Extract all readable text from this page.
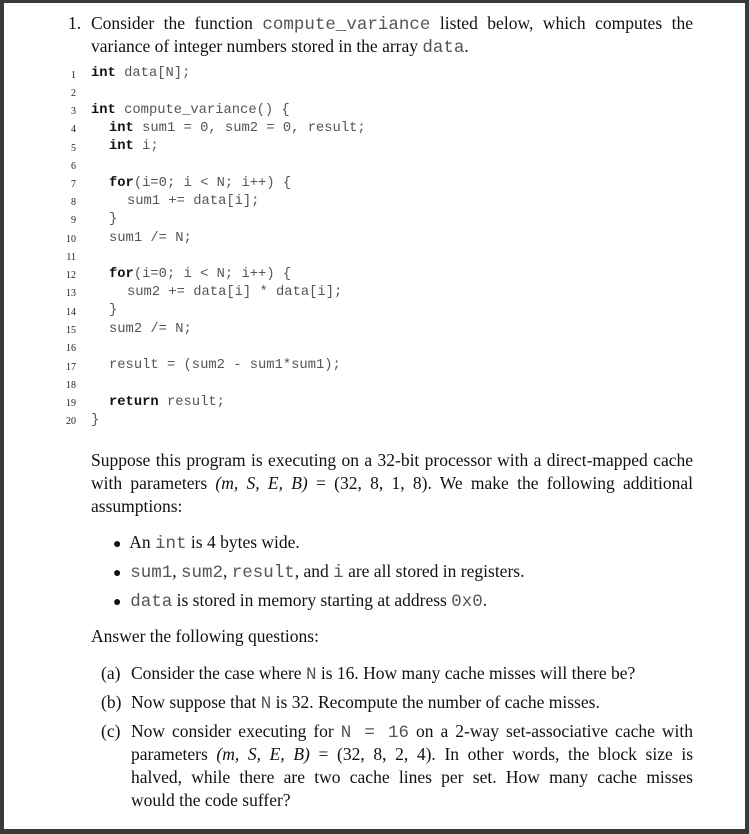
1. Consider the function compute_variance listed below, which computes the
variance of integer numbers stored in the array data.
1
2
3
4
5
6
7
8
9
10
11
12
13
14
15
16
17
18
19
20
int data[N];
int compute_variance() {
int sum1 = 0, sum2 = 0, result;
int i;
for(i=0; i < N; i++) {
sum1 += data[i];
}
sum1 /= N;
for(i=0; i < N; i++) {
sum2 += data[i] * data[i];
}
sum2 /= N;
result = (sum2 - sum1*sum1);
return result;
}
Suppose this program is executing on a 32-bit processor with a direct-mapped cache
with parameters (m, S, E, B) = (32, 8, 1, 8). We make the following additional
assumptions:
● An int is 4 bytes wide.
● sum1, sum2, result, and i are all stored in registers.
● data is stored in memory starting at address 0x0.
Answer the following questions:
(a) Consider the case where N is 16. How many cache misses will there be?
(b) Now suppose that N is 32. Recompute the number of cache misses.
(c) Now consider executing for N = 16 on a 2-way set-associative cache with
parameters (m, S, E, B) = (32, 8, 2, 4). In other words, the block size is
halved, while there are two cache lines per set. How many cache misses
would the code suffer?
